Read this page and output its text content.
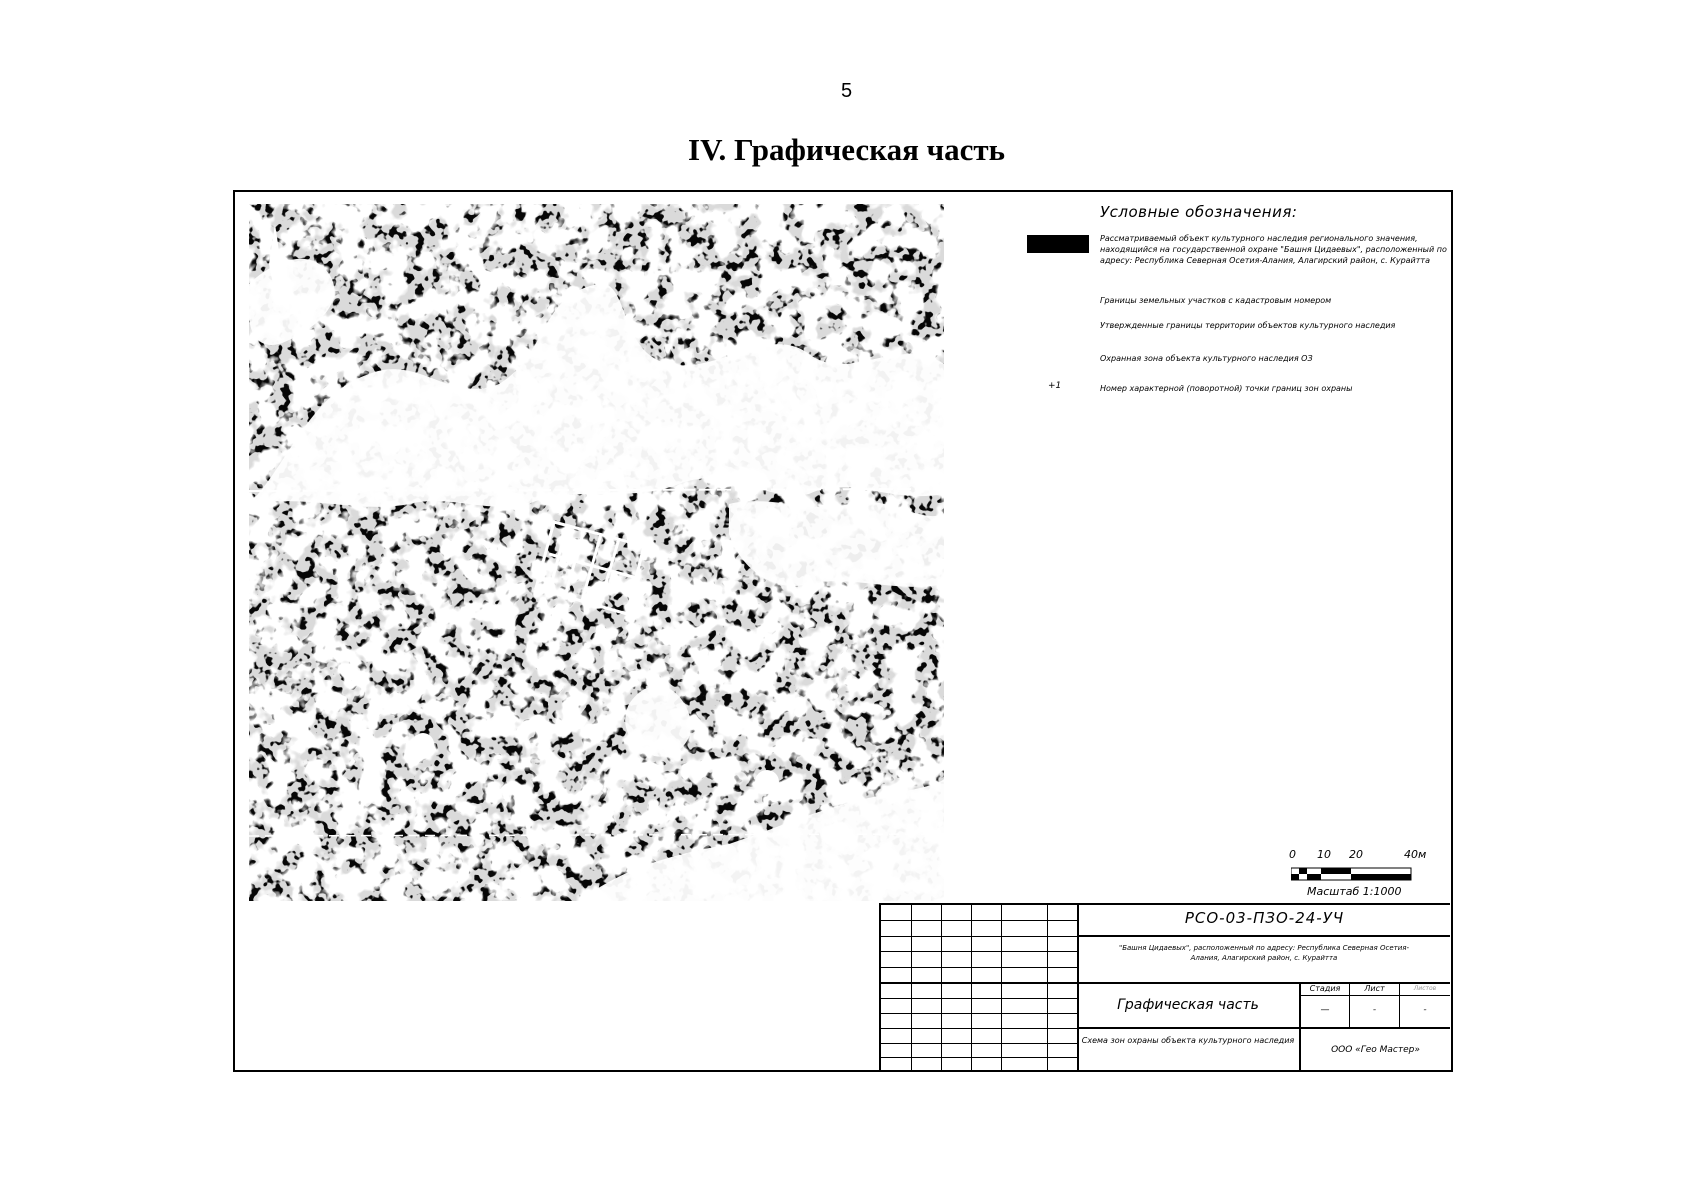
5
IV. Графическая часть
Условные обозначения:
Рассматриваемый объект культурного наследия регионального значения, находящийся на государственной охране "Башня Цидаевых", расположенный по адресу: Республика Северная Осетия-Алания, Алагирский район, с. Курайтта
Границы земельных участков с кадастровым номером
Утвержденные границы территории объектов культурного наследия
Охранная зона объекта культурного наследия ОЗ
+1	Номер характерной (поворотной) точки границ зон охраны
0 10 20	40м
Масштаб 1:1000
РСО-03-ПЗО-24-УЧ
"Башня Цидаевых", расположенный по адресу: Республика Северная Осетия-Алания, Алагирский район, с. Курайтта
Графическая часть
Стадия	Лист	Листов
—	-	-
Схема зон охраны объекта культурного наследия
ООО «Гео Мастер»
